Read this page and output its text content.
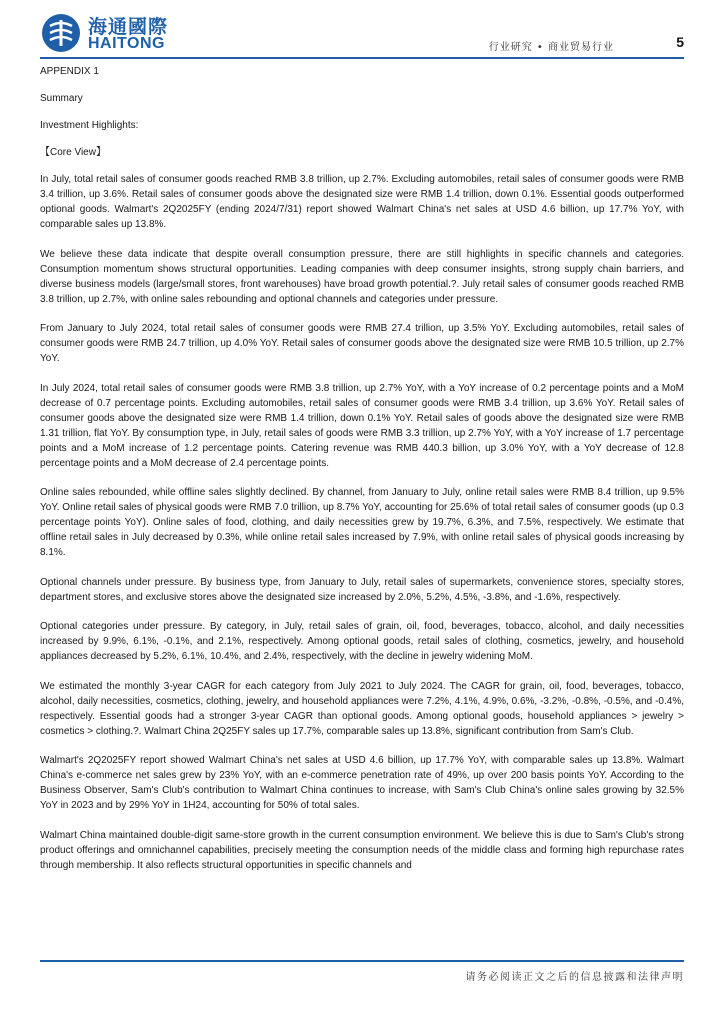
海通國際
HAITONG	行业研究 • 商业贸易行业	5

APPENDIX 1

Summary

Investment Highlights:

【Core View】

In July, total retail sales of consumer goods reached RMB 3.8 trillion, up 2.7%. Excluding automobiles, retail sales of consumer goods were RMB 3.4 trillion, up 3.6%. Retail sales of consumer goods above the designated size were RMB 1.4 trillion, down 0.1%. Essential goods outperformed optional goods. Walmart's 2Q2025FY (ending 2024/7/31) report showed Walmart China's net sales at USD 4.6 billion, up 17.7% YoY, with comparable sales up 13.8%.

We believe these data indicate that despite overall consumption pressure, there are still highlights in specific channels and categories. Consumption momentum shows structural opportunities. Leading companies with deep consumer insights, strong supply chain barriers, and diverse business models (large/small stores, front warehouses) have broad growth potential.?. July retail sales of consumer goods reached RMB 3.8 trillion, up 2.7%, with online sales rebounding and optional channels and categories under pressure.

From January to July 2024, total retail sales of consumer goods were RMB 27.4 trillion, up 3.5% YoY. Excluding automobiles, retail sales of consumer goods were RMB 24.7 trillion, up 4.0% YoY. Retail sales of consumer goods above the designated size were RMB 10.5 trillion, up 2.7% YoY.

In July 2024, total retail sales of consumer goods were RMB 3.8 trillion, up 2.7% YoY, with a YoY increase of 0.2 percentage points and a MoM decrease of 0.7 percentage points. Excluding automobiles, retail sales of consumer goods were RMB 3.4 trillion, up 3.6% YoY. Retail sales of consumer goods above the designated size were RMB 1.4 trillion, down 0.1% YoY. Retail sales of goods above the designated size were RMB 1.31 trillion, flat YoY. By consumption type, in July, retail sales of goods were RMB 3.3 trillion, up 2.7% YoY, with a YoY increase of 1.7 percentage points and a MoM increase of 1.2 percentage points. Catering revenue was RMB 440.3 billion, up 3.0% YoY, with a YoY decrease of 12.8 percentage points and a MoM decrease of 2.4 percentage points.

Online sales rebounded, while offline sales slightly declined. By channel, from January to July, online retail sales were RMB 8.4 trillion, up 9.5% YoY. Online retail sales of physical goods were RMB 7.0 trillion, up 8.7% YoY, accounting for 25.6% of total retail sales of consumer goods (up 0.3 percentage points YoY). Online sales of food, clothing, and daily necessities grew by 19.7%, 6.3%, and 7.5%, respectively. We estimate that offline retail sales in July decreased by 0.3%, while online retail sales increased by 7.9%, with online retail sales of physical goods increasing by 8.1%.

Optional channels under pressure. By business type, from January to July, retail sales of supermarkets, convenience stores, specialty stores, department stores, and exclusive stores above the designated size increased by 2.0%, 5.2%, 4.5%, -3.8%, and -1.6%, respectively.

Optional categories under pressure. By category, in July, retail sales of grain, oil, food, beverages, tobacco, alcohol, and daily necessities increased by 9.9%, 6.1%, -0.1%, and 2.1%, respectively. Among optional goods, retail sales of clothing, cosmetics, jewelry, and household appliances decreased by 5.2%, 6.1%, 10.4%, and 2.4%, respectively, with the decline in jewelry widening MoM.

We estimated the monthly 3-year CAGR for each category from July 2021 to July 2024. The CAGR for grain, oil, food, beverages, tobacco, alcohol, daily necessities, cosmetics, clothing, jewelry, and household appliances were 7.2%, 4.1%, 4.9%, 0.6%, -3.2%, -0.8%, -0.5%, and -0.4%, respectively. Essential goods had a stronger 3-year CAGR than optional goods. Among optional goods, household appliances > jewelry > cosmetics > clothing.?. Walmart China 2Q25FY sales up 17.7%, comparable sales up 13.8%, significant contribution from Sam's Club.

Walmart's 2Q2025FY report showed Walmart China's net sales at USD 4.6 billion, up 17.7% YoY, with comparable sales up 13.8%. Walmart China's e-commerce net sales grew by 23% YoY, with an e-commerce penetration rate of 49%, up over 200 basis points YoY. According to the Business Observer, Sam's Club's contribution to Walmart China continues to increase, with Sam's Club China's online sales growing by 32.5% YoY in 2023 and by 29% YoY in 1H24, accounting for 50% of total sales.

Walmart China maintained double-digit same-store growth in the current consumption environment. We believe this is due to Sam's Club's strong product offerings and omnichannel capabilities, precisely meeting the consumption needs of the middle class and forming high repurchase rates through membership. It also reflects structural opportunities in specific channels and

请务必阅读正文之后的信息披露和法律声明
